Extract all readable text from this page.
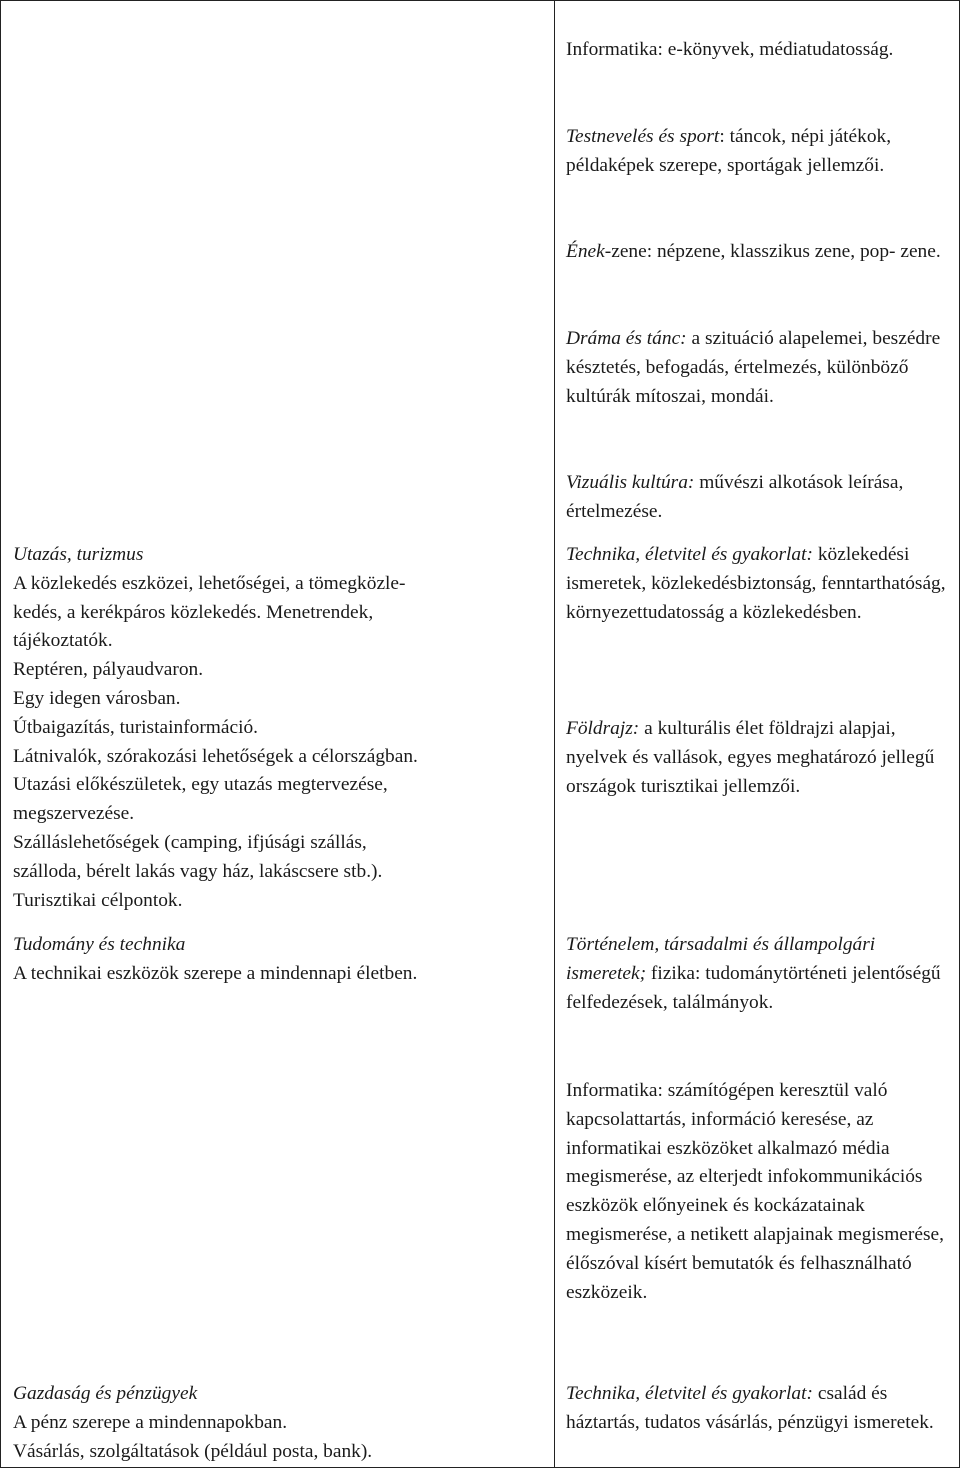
Informatika: e-könyvek, médiatudatosság.

Testnevelés és sport: táncok, népi játékok, példaképek szerepe, sportágak jellemzői.

Ének-zene: népzene, klasszikus zene, pop- zene.

Dráma és tánc: a szituáció alapelemei, beszédre késztetés, befogadás, értelmezés, különböző kultúrák mítoszai, mondái.

Vizuális kultúra: művészi alkotások leírása, értelmezése.

Technika, életvitel és gyakorlat: közlekedési ismeretek, közlekedésbiztonság, fenntarthatóság, környezettudatosság a közlekedésben.

Földrajz: a kulturális élet földrajzi alapjai, nyelvek és vallások, egyes meghatározó jellegű országok turisztikai jellemzői.

Történelem, társadalmi és állampolgári ismeretek; fizika: tudománytörténeti jelentőségű felfedezések, találmányok.

Informatika: számítógépen keresztül való kapcsolattartás, információ keresése, az informatikai eszközöket alkalmazó média megismerése, az elterjedt infokommunikációs eszközök előnyeinek és kockázatainak megismerése, a netikett alapjainak megismerése, élőszóval kísért bemutatók és felhasználható eszközeik.

Technika, életvitel és gyakorlat: család és háztartás, tudatos vásárlás, pénzügyi ismeretek.

Utazás, turizmus

A közlekedés eszközei, lehetőségei, a tömegközle-

kedés, a kerékpáros közlekedés. Menetrendek,

tájékoztatók.

Reptéren, pályaudvaron.

Egy idegen városban.

Útbaigazítás, turistainformáció.

Látnivalók, szórakozási lehetőségek a célországban.

Utazási előkészületek, egy utazás megtervezése,

megszervezése.

Szálláslehetőségek (camping, ifjúsági szállás,

szálloda, bérelt lakás vagy ház, lakáscsere stb.).

Turisztikai célpontok.

Tudomány és technika

A technikai eszközök szerepe a mindennapi életben.

Gazdaság és pénzügyek

A pénz szerepe a mindennapokban.

Vásárlás, szolgáltatások (például posta, bank).
